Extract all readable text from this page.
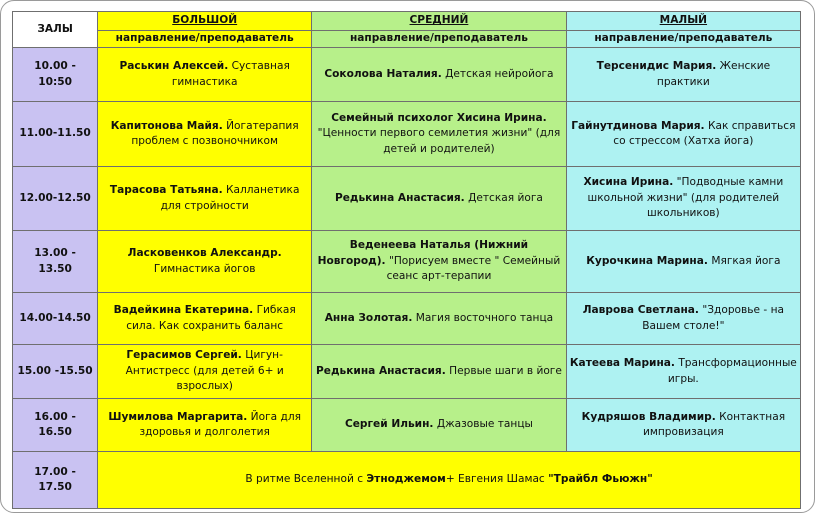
ЗАЛЫ	БОЛЬШОЙ	СРЕДНИЙ	МАЛЫЙ
	направление/преподаватель	направление/преподаватель	направление/преподаватель
10.00 - 10:50	Раськин Алексей. Суставная гимнастика	Соколова Наталия. Детская нейройога	Терсенидис Мария. Женские практики
11.00-11.50	Капитонова Майя. Йогатерапия проблем с позвоночником	Семейный психолог Хисина Ирина. "Ценности первого семилетия жизни" (для детей и родителей)	Гайнутдинова Мария. Как справиться со стрессом (Хатха йога)
12.00-12.50	Тарасова Татьяна. Калланетика для стройности	Редькина Анастасия. Детская йога	Хисина Ирина. "Подводные камни школьной жизни" (для родителей школьников)
13.00 - 13.50	Ласковенков Александр. Гимнастика йогов	Веденеева Наталья (Нижний Новгород). "Порисуем вместе " Семейный сеанс арт-терапии	Курочкина Марина. Мягкая йога
14.00-14.50	Вадейкина Екатерина. Гибкая сила. Как сохранить баланс	Анна Золотая. Магия восточного танца	Лаврова Светлана. "Здоровье - на Вашем столе!"
15.00 -15.50	Герасимов Сергей. Цигун-Антистресс (для детей 6+ и взрослых)	Редькина Анастасия. Первые шаги в йоге	Катеева Марина. Трансформационные игры.
16.00 - 16.50	Шумилова Маргарита. Йога для здоровья и долголетия	Сергей Ильин. Джазовые танцы	Кудряшов Владимир. Контактная импровизация
17.00 - 17.50	В ритме Вселенной с Этноджемом+ Евгения Шамас "Трайбл Фьюжн"		
